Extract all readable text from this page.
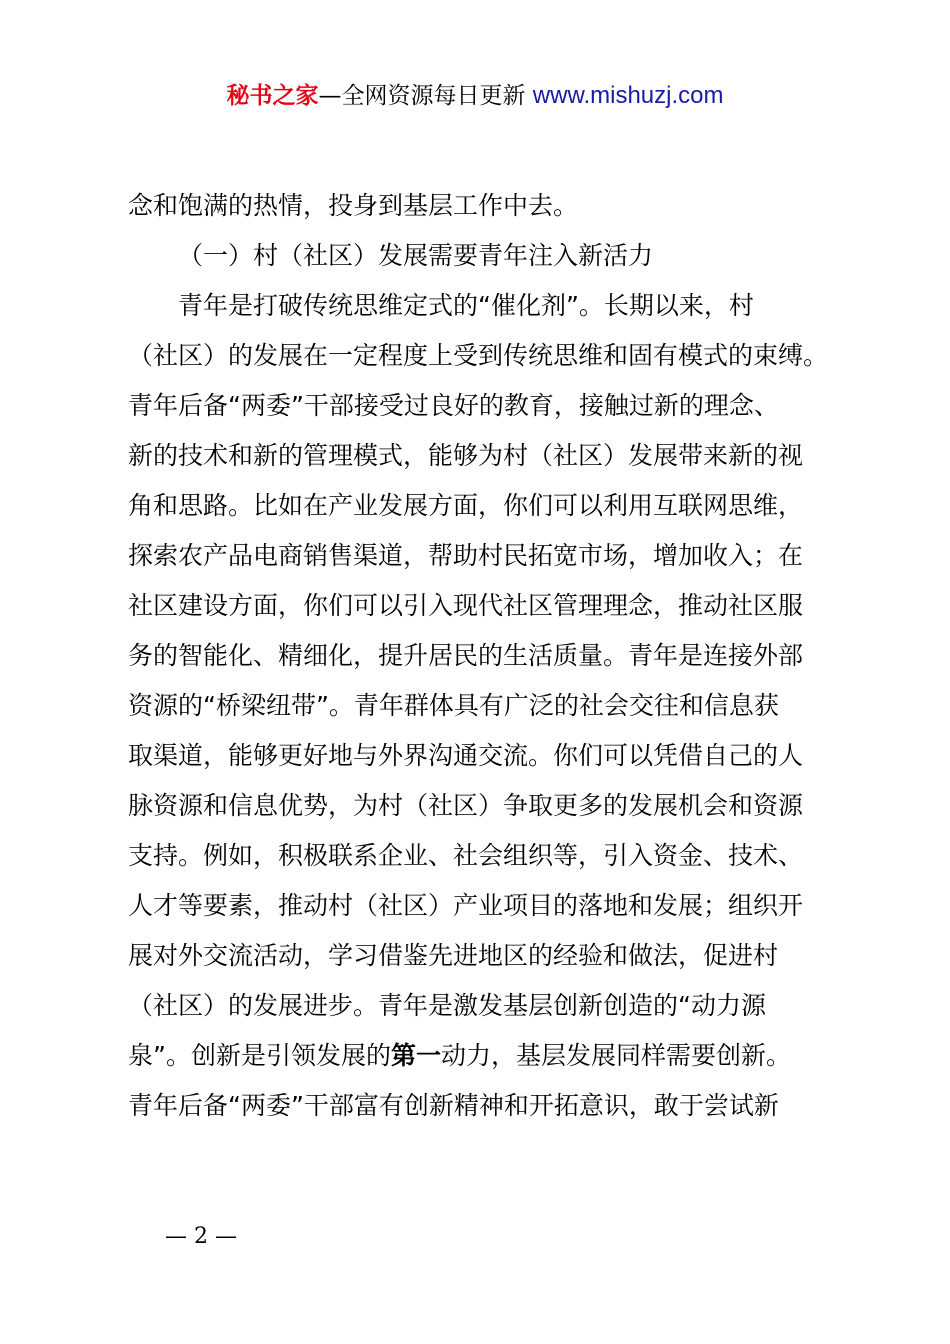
秘书之家—全网资源每日更新 www.mishuzj.com
念和饱满的热情，投身到基层工作中去。
（一）村（社区）发展需要青年注入新活力
青年是打破传统思维定式的“催化剂”。长期以来，村
（社区）的发展在一定程度上受到传统思维和固有模式的束缚。
青年后备“两委”干部接受过良好的教育，接触过新的理念、
新的技术和新的管理模式，能够为村（社区）发展带来新的视
角和思路。比如在产业发展方面，你们可以利用互联网思维，
探索农产品电商销售渠道，帮助村民拓宽市场，增加收入；在
社区建设方面，你们可以引入现代社区管理理念，推动社区服
务的智能化、精细化，提升居民的生活质量。青年是连接外部
资源的“桥梁纽带”。青年群体具有广泛的社会交往和信息获
取渠道，能够更好地与外界沟通交流。你们可以凭借自己的人
脉资源和信息优势，为村（社区）争取更多的发展机会和资源
支持。例如，积极联系企业、社会组织等，引入资金、技术、
人才等要素，推动村（社区）产业项目的落地和发展；组织开
展对外交流活动，学习借鉴先进地区的经验和做法，促进村
（社区）的发展进步。青年是激发基层创新创造的“动力源
泉”。创新是引领发展的第一动力，基层发展同样需要创新。
青年后备“两委”干部富有创新精神和开拓意识，敢于尝试新
— 2 —
